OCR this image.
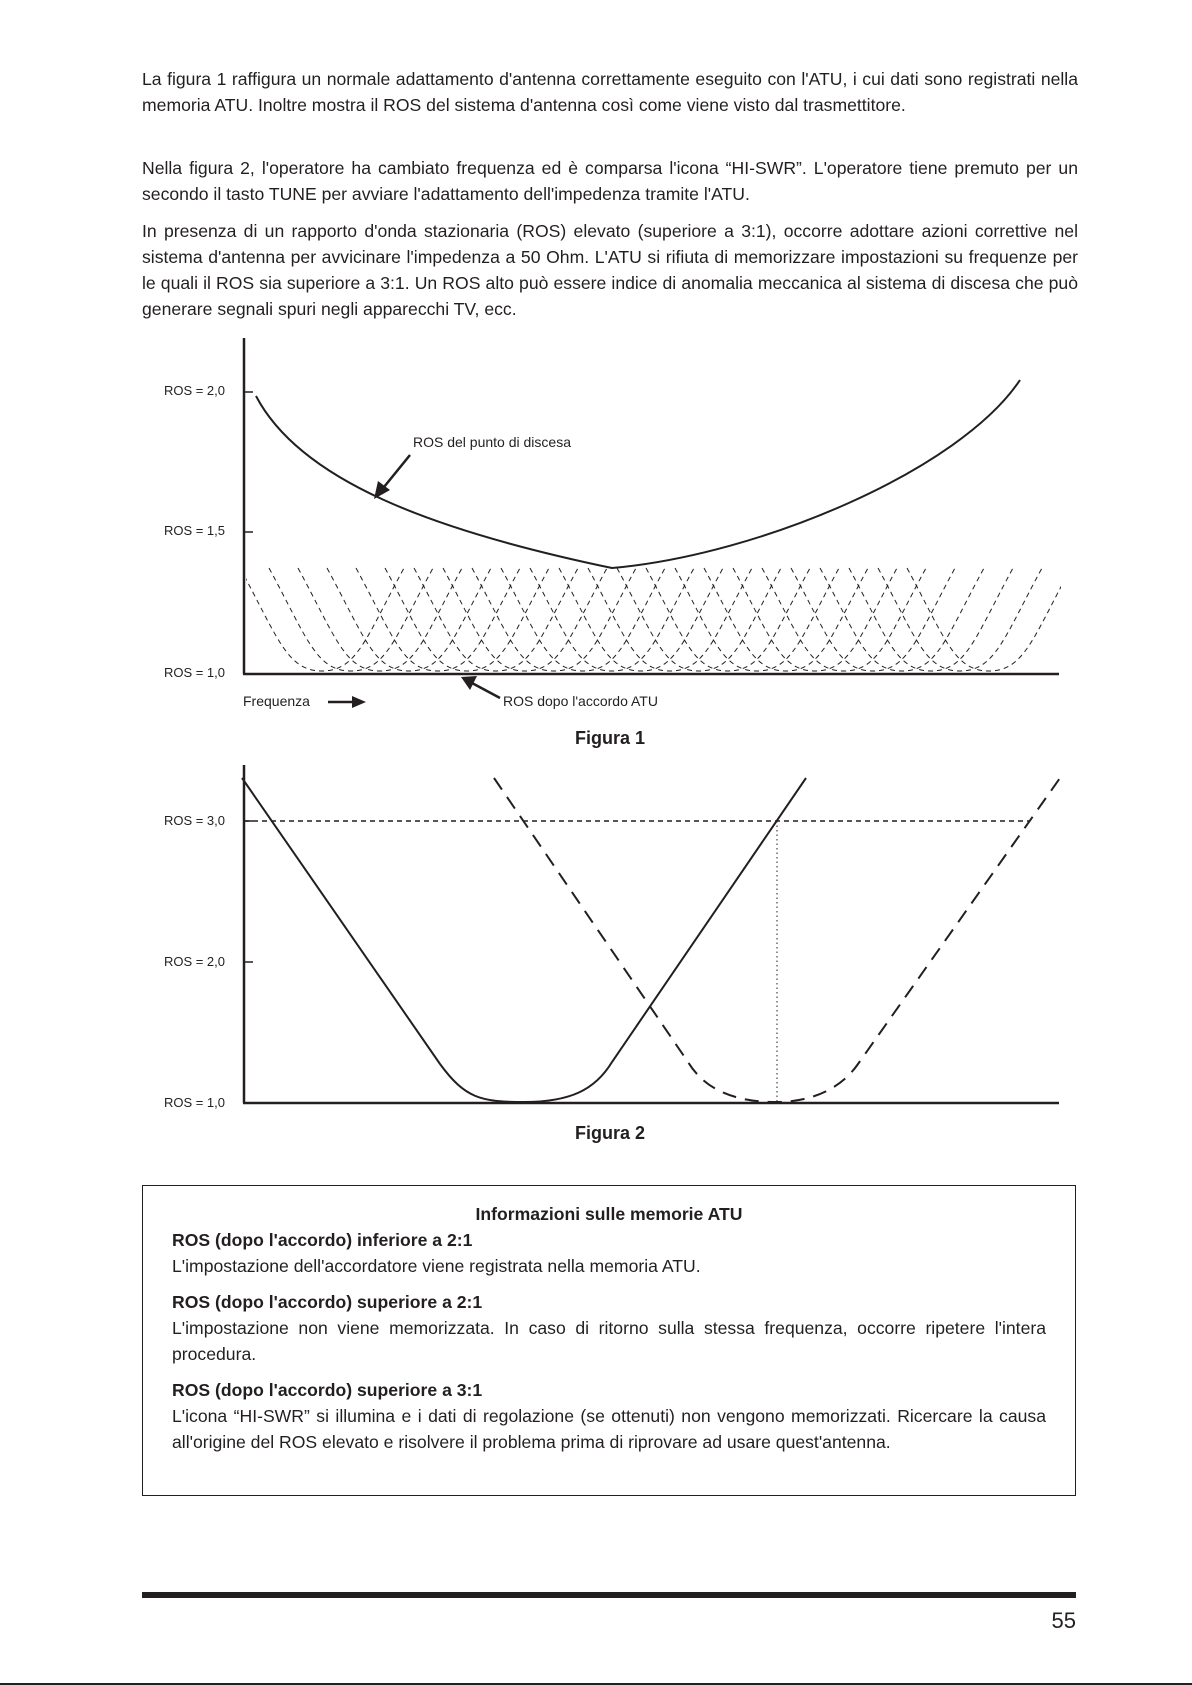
La figura 1 raffigura un normale adattamento d'antenna correttamente eseguito con l'ATU, i cui dati sono registrati nella memoria ATU. Inoltre mostra il ROS del sistema d'antenna così come viene visto dal trasmettitore.

Nella figura 2, l'operatore ha cambiato frequenza ed è comparsa l'icona “HI-SWR”. L'operatore tiene premuto per un secondo il tasto TUNE per avviare l'adattamento dell'impedenza tramite l'ATU.

In presenza di un rapporto d'onda stazionaria (ROS) elevato (superiore a 3:1), occorre adottare azioni correttive nel sistema d'antenna per avvicinare l'impedenza a 50 Ohm. L'ATU si rifiuta di memorizzare impostazioni su frequenze per le quali il ROS sia superiore a 3:1. Un ROS alto può essere indice di anomalia meccanica al sistema di discesa che può generare segnali spuri negli apparecchi TV, ecc.

ROS = 2,0
ROS = 1,5
ROS = 1,0
Frequenza
ROS del punto di discesa
ROS dopo l'accordo ATU
Figura 1
ROS = 3,0
ROS = 2,0
ROS = 1,0
Figura 2
Informazioni sulle memorie ATU
ROS (dopo l'accordo) inferiore a 2:1

L'impostazione dell'accordatore viene registrata nella memoria ATU.

ROS (dopo l'accordo) superiore a 2:1

L'impostazione non viene memorizzata. In caso di ritorno sulla stessa frequenza, occorre ripetere l'intera procedura.

ROS (dopo l'accordo) superiore a 3:1

L'icona “HI-SWR” si illumina e i dati di regolazione (se ottenuti) non vengono memorizzati. Ricercare la causa all'origine del ROS elevato e risolvere il problema prima di riprovare ad usare quest'antenna.

55
